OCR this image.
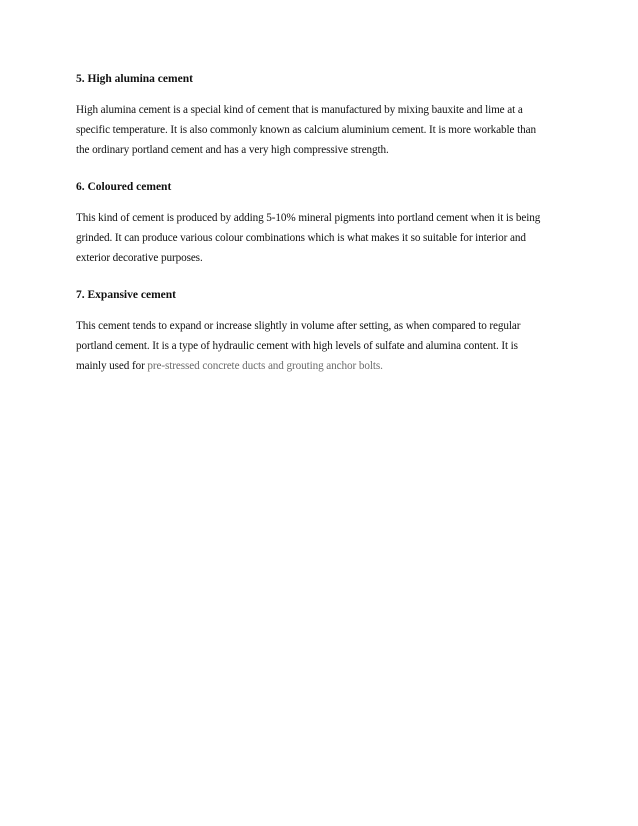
5. High alumina cement

High alumina cement is a special kind of cement that is manufactured by mixing bauxite and lime at a
specific temperature. It is also commonly known as calcium aluminium cement. It is more workable than
the ordinary portland cement and has a very high compressive strength.

6. Coloured cement

This kind of cement is produced by adding 5-10% mineral pigments into portland cement when it is being
grinded. It can produce various colour combinations which is what makes it so suitable for interior and
exterior decorative purposes.

7. Expansive cement

This cement tends to expand or increase slightly in volume after setting, as when compared to regular
portland cement. It is a type of hydraulic cement with high levels of sulfate and alumina content. It is
mainly used for pre-stressed concrete ducts and grouting anchor bolts.
